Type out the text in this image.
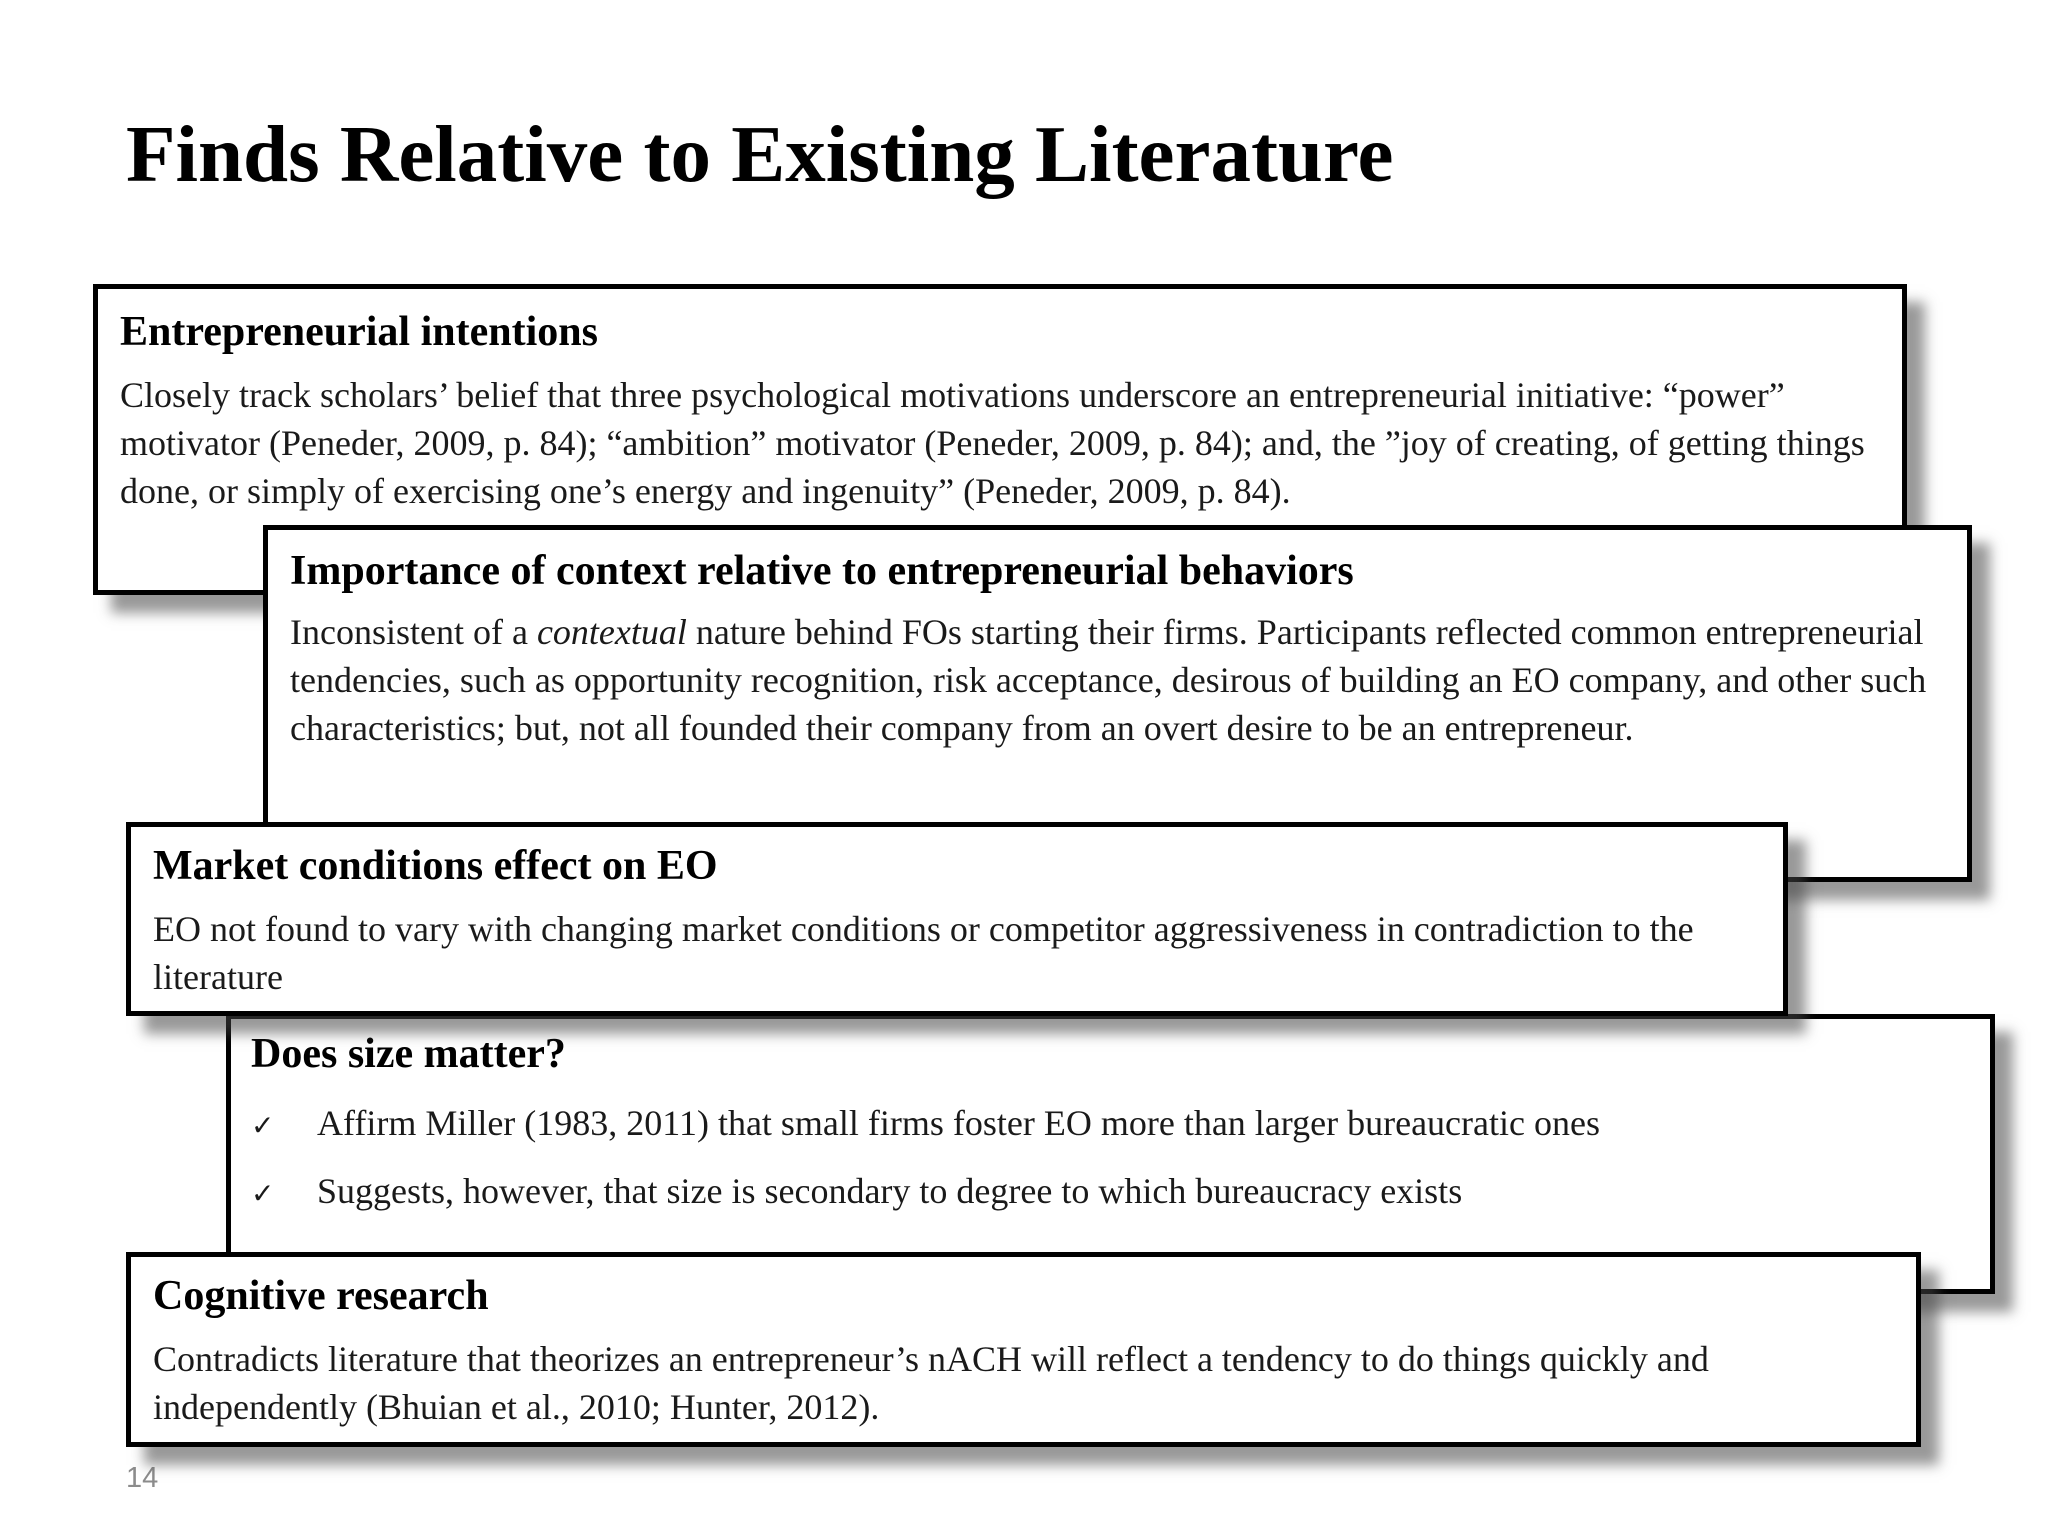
Finds Relative to Existing Literature
Entrepreneurial intentions

Closely track scholars’ belief that three psychological motivations underscore an entrepreneurial initiative: “power” motivator (Peneder, 2009, p. 84); “ambition” motivator (Peneder, 2009, p. 84); and, the ”joy of creating, of getting things done, or simply of exercising one’s energy and ingenuity” (Peneder, 2009, p. 84).

Importance of context relative to entrepreneurial behaviors

Inconsistent of a contextual nature behind FOs starting their firms. Participants reflected common entrepreneurial tendencies, such as opportunity recognition, risk acceptance, desirous of building an EO company, and other such characteristics; but, not all founded their company from an overt desire to be an entrepreneur.

Market conditions effect on EO

EO not found to vary with changing market conditions or competitor aggressiveness in contradiction to the literature

Does size matter?
✓	Affirm Miller (1983, 2011) that small firms foster EO more than larger bureaucratic ones
✓	Suggests, however, that size is secondary to degree to which bureaucracy exists
Cognitive research

Contradicts literature that theorizes an entrepreneur’s nACH will reflect a tendency to do things quickly and independently (Bhuian et al., 2010; Hunter, 2012).

14
